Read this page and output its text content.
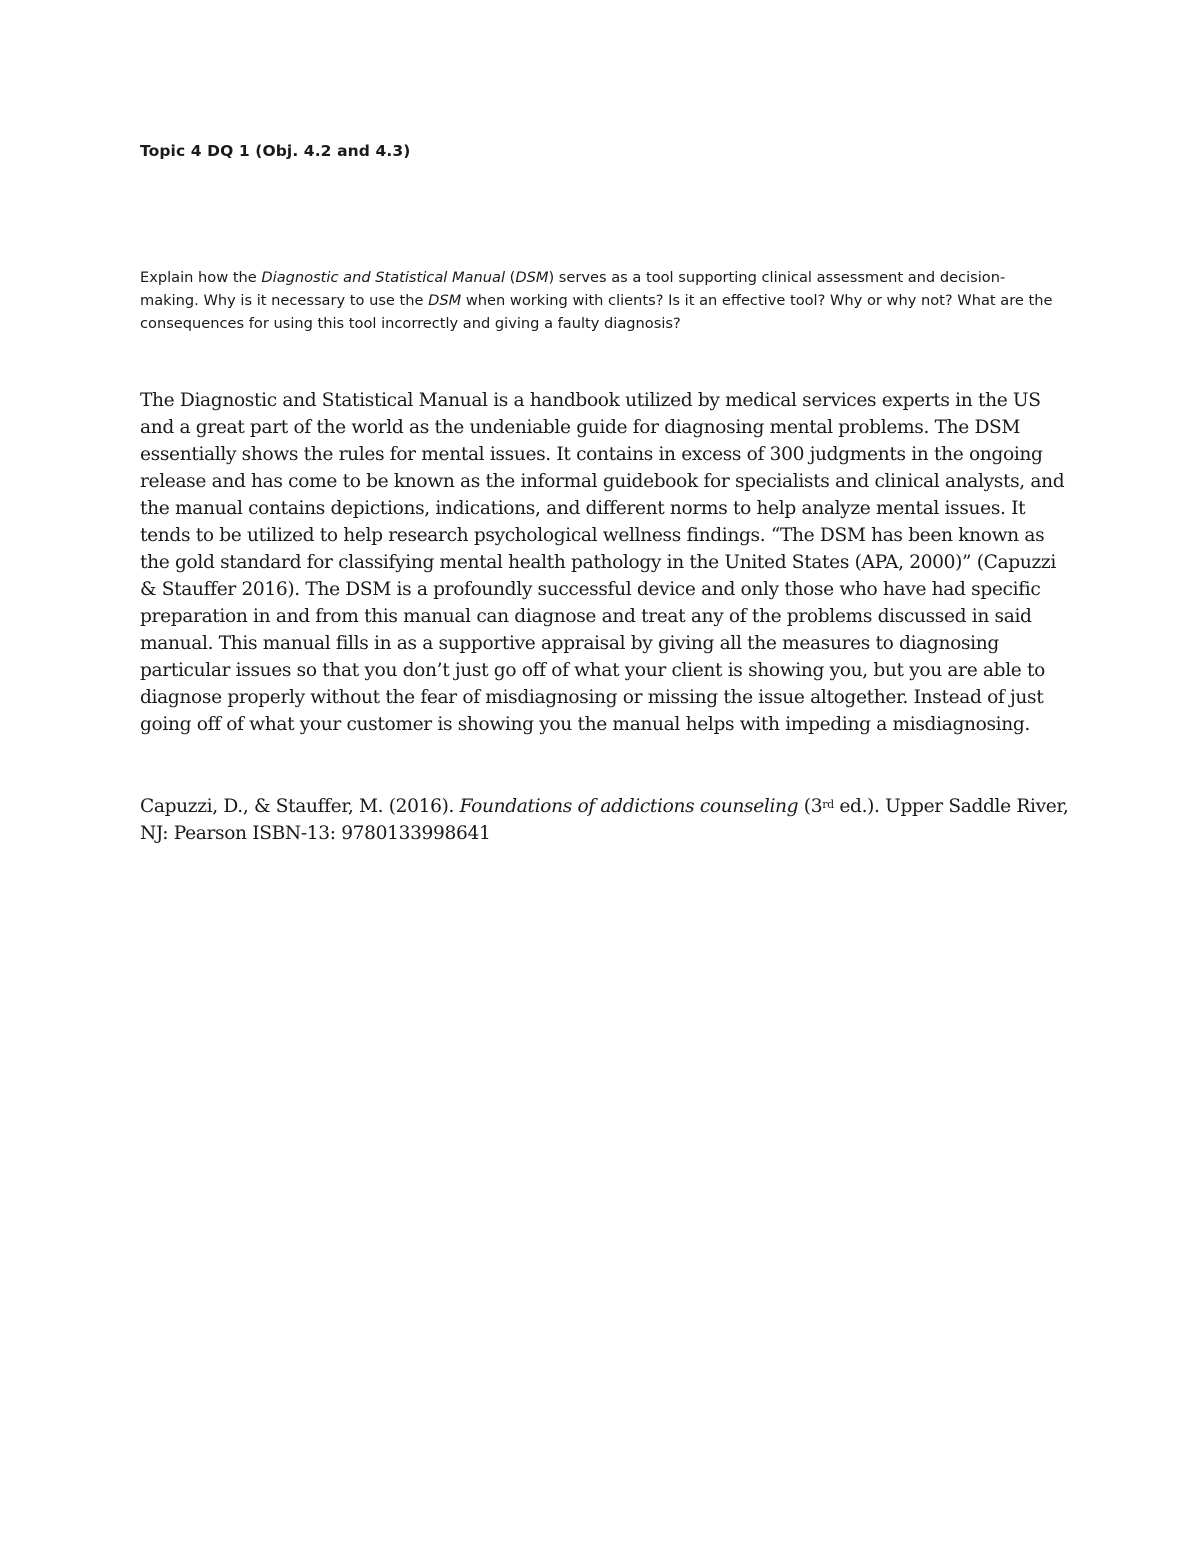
Topic 4 DQ 1 (Obj. 4.2 and 4.3)
Explain how the Diagnostic and Statistical Manual (DSM) serves as a tool supporting clinical assessment and decision-making. Why is it necessary to use the DSM when working with clients? Is it an effective tool? Why or why not? What are the consequences for using this tool incorrectly and giving a faulty diagnosis?
The Diagnostic and Statistical Manual is a handbook utilized by medical services experts in the US and a great part of the world as the undeniable guide for diagnosing mental problems. The DSM essentially shows the rules for mental issues. It contains in excess of 300 judgments in the ongoing release and has come to be known as the informal guidebook for specialists and clinical analysts, and the manual contains depictions, indications, and different norms to help analyze mental issues. It tends to be utilized to help research psychological wellness findings. “The DSM has been known as the gold standard for classifying mental health pathology in the United States (APA, 2000)” (Capuzzi & Stauffer 2016). The DSM is a profoundly successful device and only those who have had specific preparation in and from this manual can diagnose and treat any of the problems discussed in said manual. This manual fills in as a supportive appraisal by giving all the measures to diagnosing particular issues so that you don’t just go off of what your client is showing you, but you are able to diagnose properly without the fear of misdiagnosing or missing the issue altogether. Instead of just going off of what your customer is showing you the manual helps with impeding a misdiagnosing.
Capuzzi, D., & Stauffer, M. (2016). Foundations of addictions counseling (3rd ed.). Upper Saddle River, NJ: Pearson ISBN-13: 9780133998641
